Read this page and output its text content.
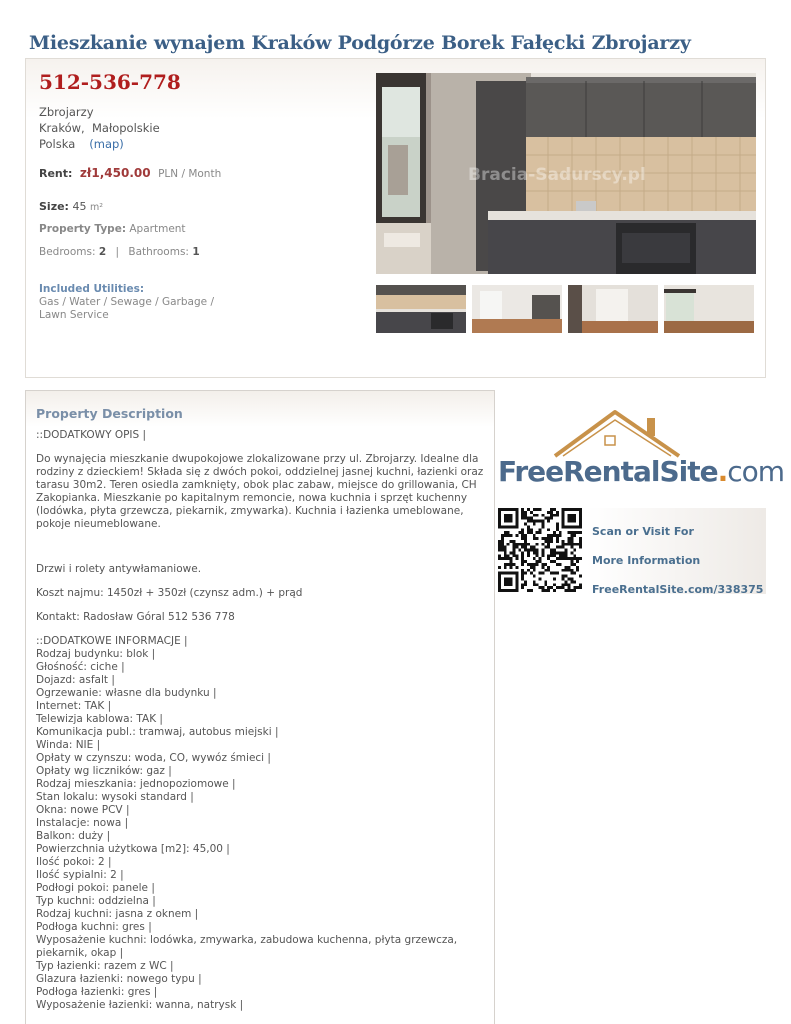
Mieszkanie wynajem Kraków Podgórze Borek Fałęcki Zbrojarzy
512-536-778
Zbrojarzy
Kraków,  Małopolskie
Polska (map)
Rent: zł1,450.00 PLN / Month
Size: 45 m²
Property Type: Apartment
Bedrooms: 2 | Bathrooms: 1
Included Utilities:
Gas / Water / Sewage / Garbage / Lawn Service
Bracia-Sadurscy.pl
Property Description

::DODATKOWY OPIS |

Do wynajęcia mieszkanie dwupokojowe zlokalizowane przy ul. Zbrojarzy. Idealne dla rodziny z dzieckiem! Składa się z dwóch pokoi, oddzielnej jasnej kuchni, łazienki oraz tarasu 30m2. Teren osiedla zamknięty, obok plac zabaw, miejsce do grillowania, CH Zakopianka. Mieszkanie po kapitalnym remoncie, nowa kuchnia i sprzęt kuchenny (lodówka, płyta grzewcza, piekarnik, zmywarka). Kuchnia i łazienka umeblowane, pokoje nieumeblowane.

Drzwi i rolety antywłamaniowe.

Koszt najmu: 1450zł + 350zł (czynsz adm.) + prąd

Kontakt: Radosław Góral 512 536 778

::DODATKOWE INFORMACJE |

Rodzaj budynku: blok |

Głośność: ciche |

Dojazd: asfalt |

Ogrzewanie: własne dla budynku |

Internet: TAK |

Telewizja kablowa: TAK |

Komunikacja publ.: tramwaj, autobus miejski |

Winda: NIE |

Opłaty w czynszu: woda, CO, wywóz śmieci |

Opłaty wg liczników: gaz |

Rodzaj mieszkania: jednopoziomowe |

Stan lokalu: wysoki standard |

Okna: nowe PCV |

Instalacje: nowa |

Balkon: duży |

Powierzchnia użytkowa [m2]: 45,00 |

Ilość pokoi: 2 |

Ilość sypialni: 2 |

Podłogi pokoi: panele |

Typ kuchni: oddzielna |

Rodzaj kuchni: jasna z oknem |

Podłoga kuchni: gres |

Wyposażenie kuchni: lodówka, zmywarka, zabudowa kuchenna, płyta grzewcza, piekarnik, okap |

Typ łazienki: razem z WC |

Glazura łazienki: nowego typu |

Podłoga łazienki: gres |

Wyposażenie łazienki: wanna, natrysk |

FreeRentalSite.com
Scan or Visit For
More Information
FreeRentalSite.com/338375
